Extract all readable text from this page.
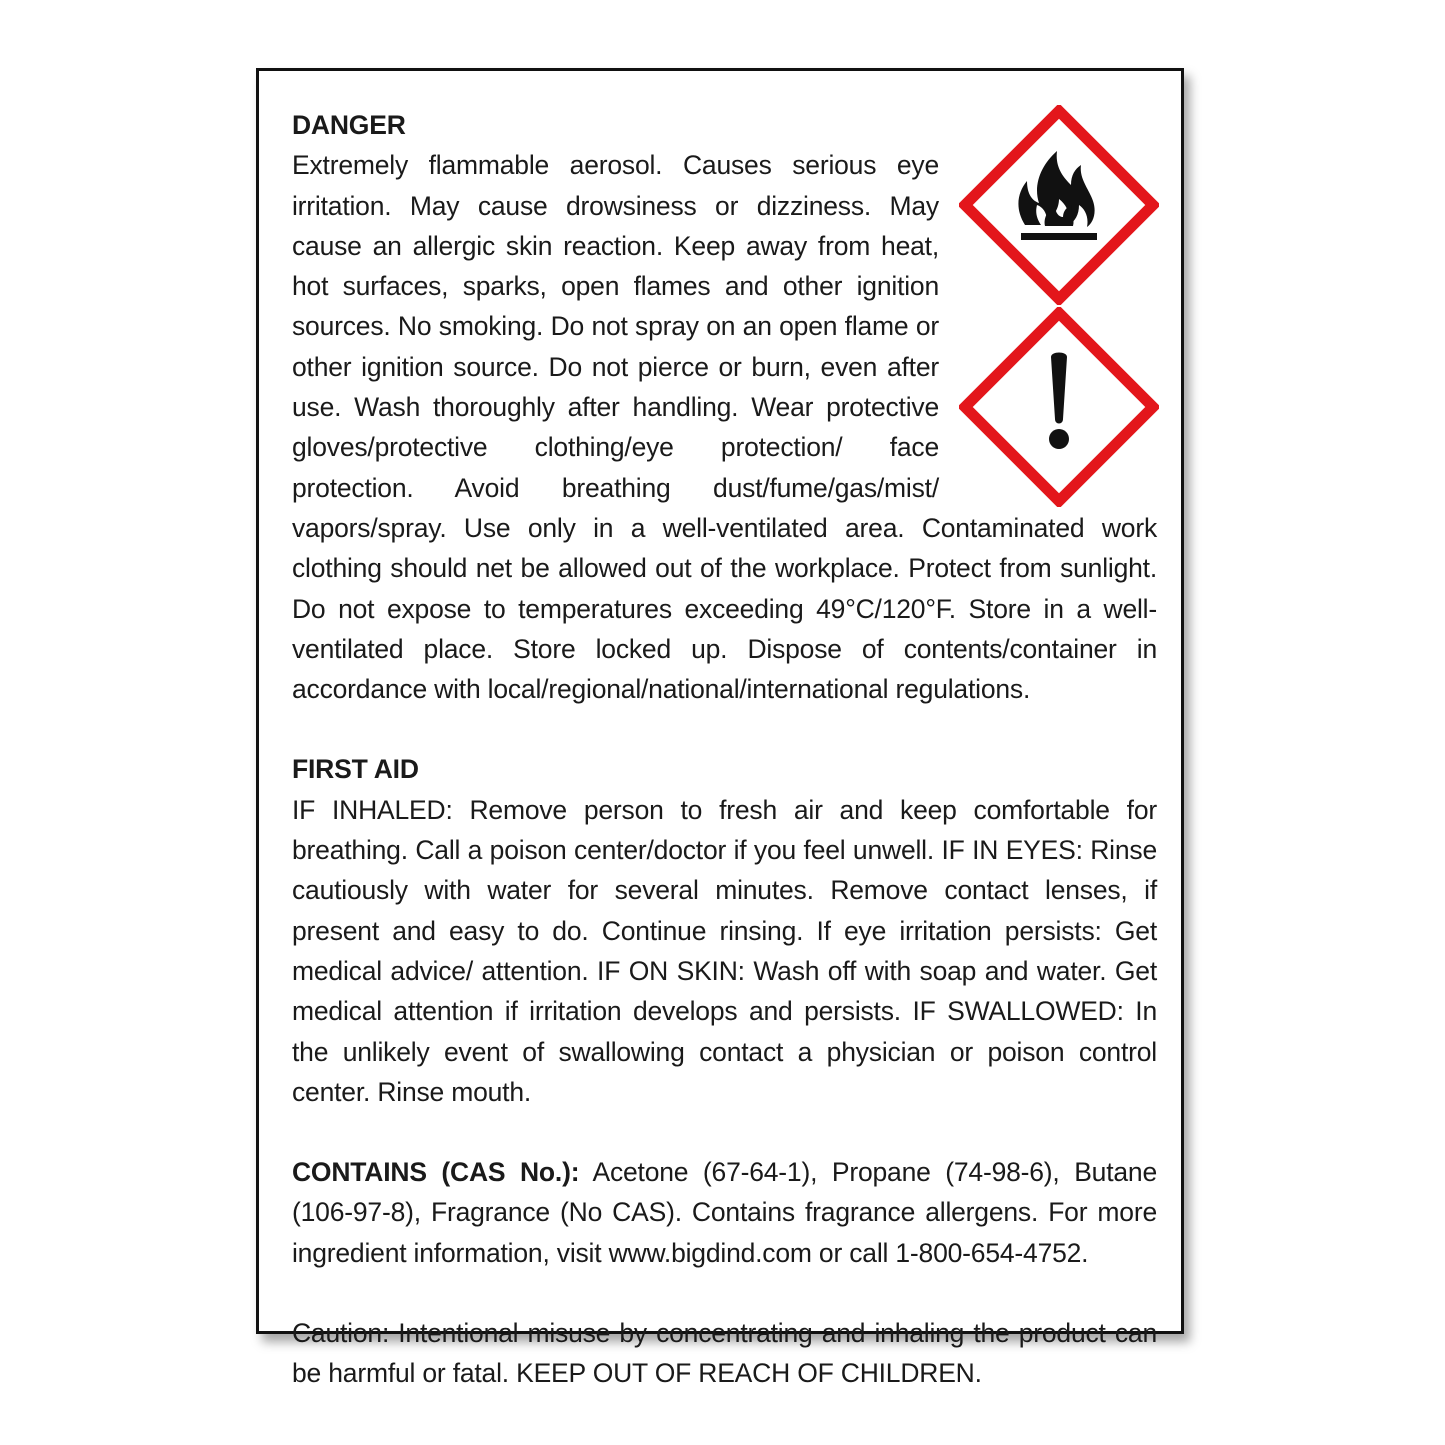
DANGER

Extremely flammable aerosol. Causes serious eye irritation. May cause drowsiness or dizziness. May cause an allergic skin reaction. Keep away from heat, hot surfaces, sparks, open flames and other ignition sources. No smoking. Do not spray on an open flame or other ignition source. Do not pierce or burn, even after use. Wash thoroughly after handling. Wear protective gloves/protective clothing/eye protection/ face protection. Avoid breathing dust/fume/gas/mist/ vapors/spray. Use only in a well-ventilated area. Contaminated work clothing should net be allowed out of the workplace. Protect from sunlight. Do not expose to temperatures exceeding 49°C/120°F. Store in a well-ventilated place. Store locked up. Dispose of contents/container in accordance with local/regional/national/international regulations.

FIRST AID

IF INHALED: Remove person to fresh air and keep comfortable for breathing. Call a poison center/doctor if you feel unwell. IF IN EYES: Rinse cautiously with water for several minutes. Remove contact lenses, if present and easy to do. Continue rinsing. If eye irritation persists: Get medical advice/ attention. IF ON SKIN: Wash off with soap and water. Get medical attention if irritation develops and persists. IF SWALLOWED: In the unlikely event of swallowing contact a physician or poison control center. Rinse mouth.

CONTAINS (CAS No.): Acetone (67-64-1), Propane (74-98-6), Butane (106-97-8), Fragrance (No CAS). Contains fragrance allergens. For more ingredient information, visit www.bigdind.com or call 1-800-654-4752.

Caution: Intentional misuse by concentrating and inhaling the product can be harmful or fatal. KEEP OUT OF REACH OF CHILDREN.
